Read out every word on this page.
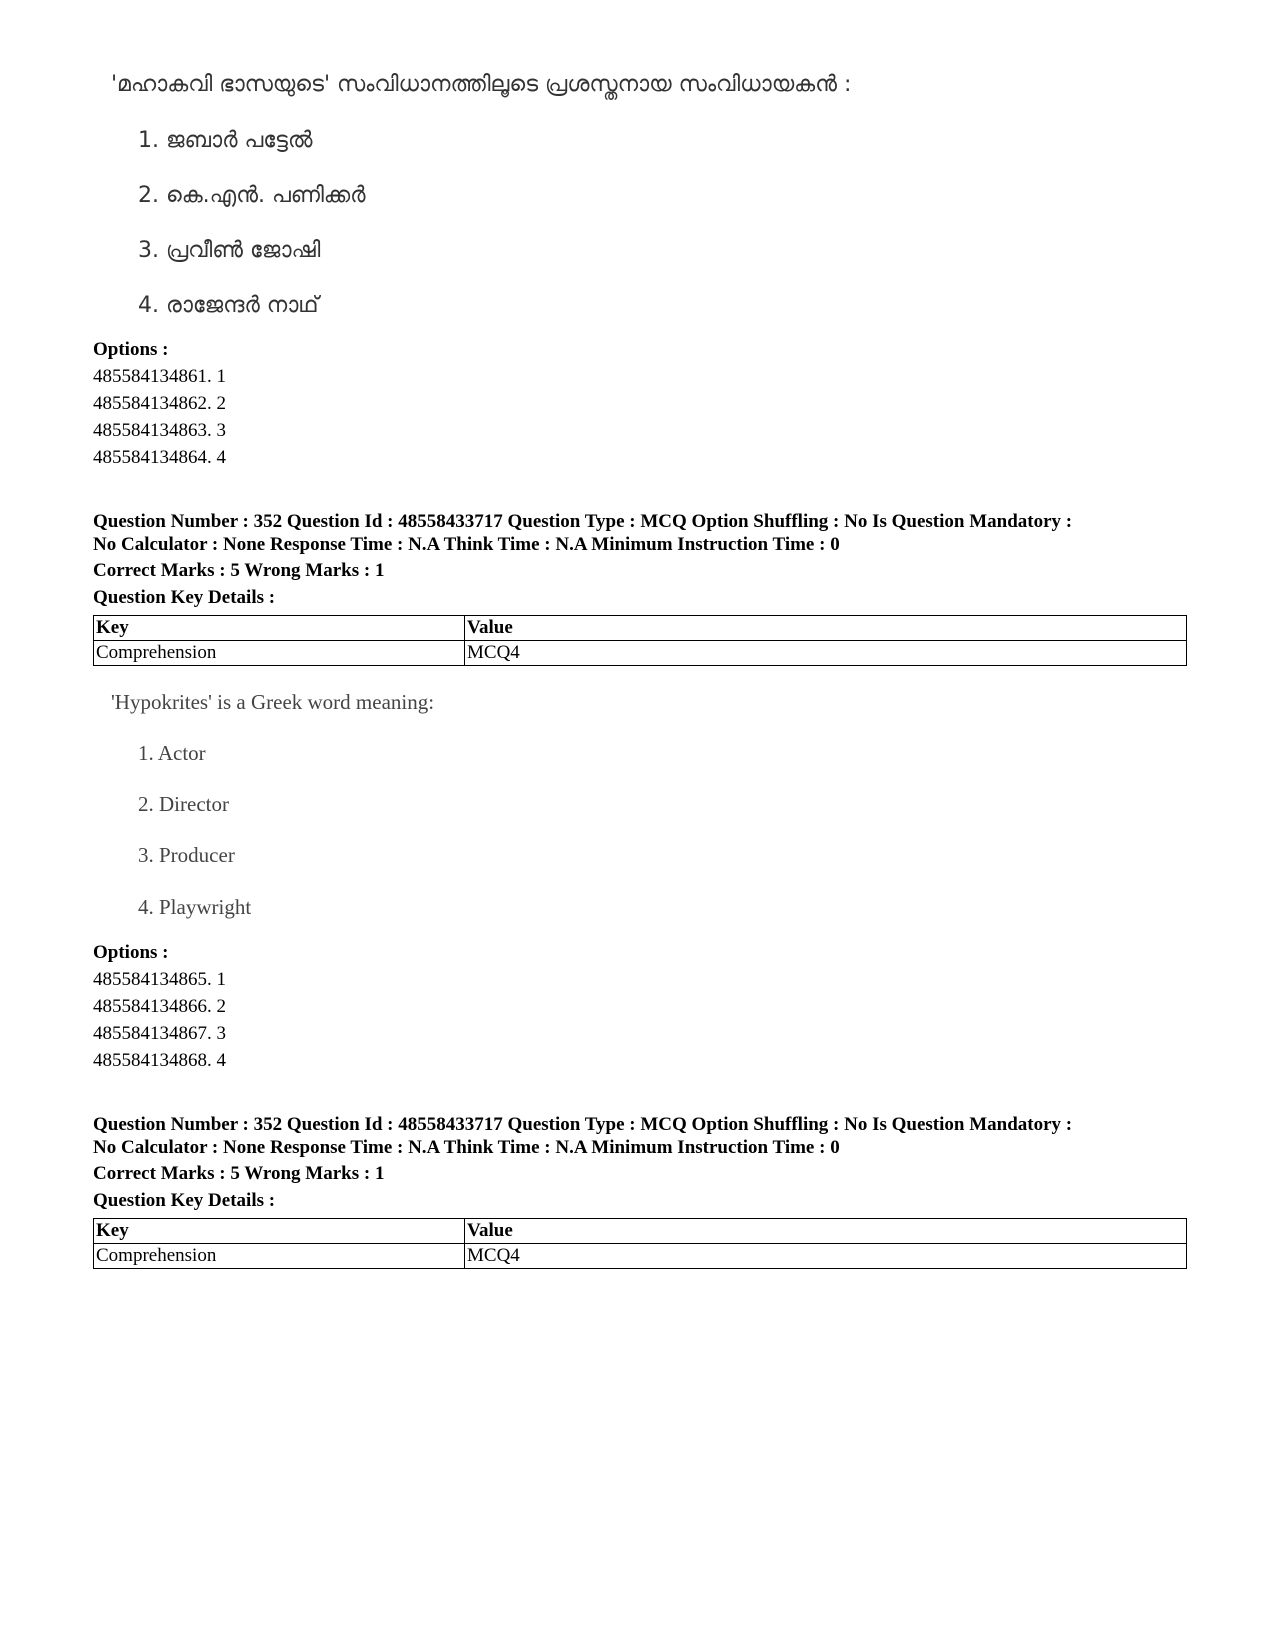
'മഹാകവി ഭാസയുടെ' സംവിധാനത്തിലൂടെ പ്രശസ്തനായ സംവിധായകൻ :
1. ജബാർ പട്ടേൽ
2. കെ.എൻ. പണിക്കർ
3. പ്രവീൺ ജോഷി
4. രാജേന്ദർ നാഥ്
Options :
485584134861. 1
485584134862. 2
485584134863. 3
485584134864. 4
Question Number : 352 Question Id : 48558433717 Question Type : MCQ Option Shuffling : No Is Question Mandatory :
No Calculator : None Response Time : N.A Think Time : N.A Minimum Instruction Time : 0
Correct Marks : 5 Wrong Marks : 1
Question Key Details :
Key	Value
Comprehension	MCQ4
'Hypokrites' is a Greek word meaning:
1. Actor
2. Director
3. Producer
4. Playwright
Options :
485584134865. 1
485584134866. 2
485584134867. 3
485584134868. 4
Question Number : 352 Question Id : 48558433717 Question Type : MCQ Option Shuffling : No Is Question Mandatory :
No Calculator : None Response Time : N.A Think Time : N.A Minimum Instruction Time : 0
Correct Marks : 5 Wrong Marks : 1
Question Key Details :
Key	Value
Comprehension	MCQ4
